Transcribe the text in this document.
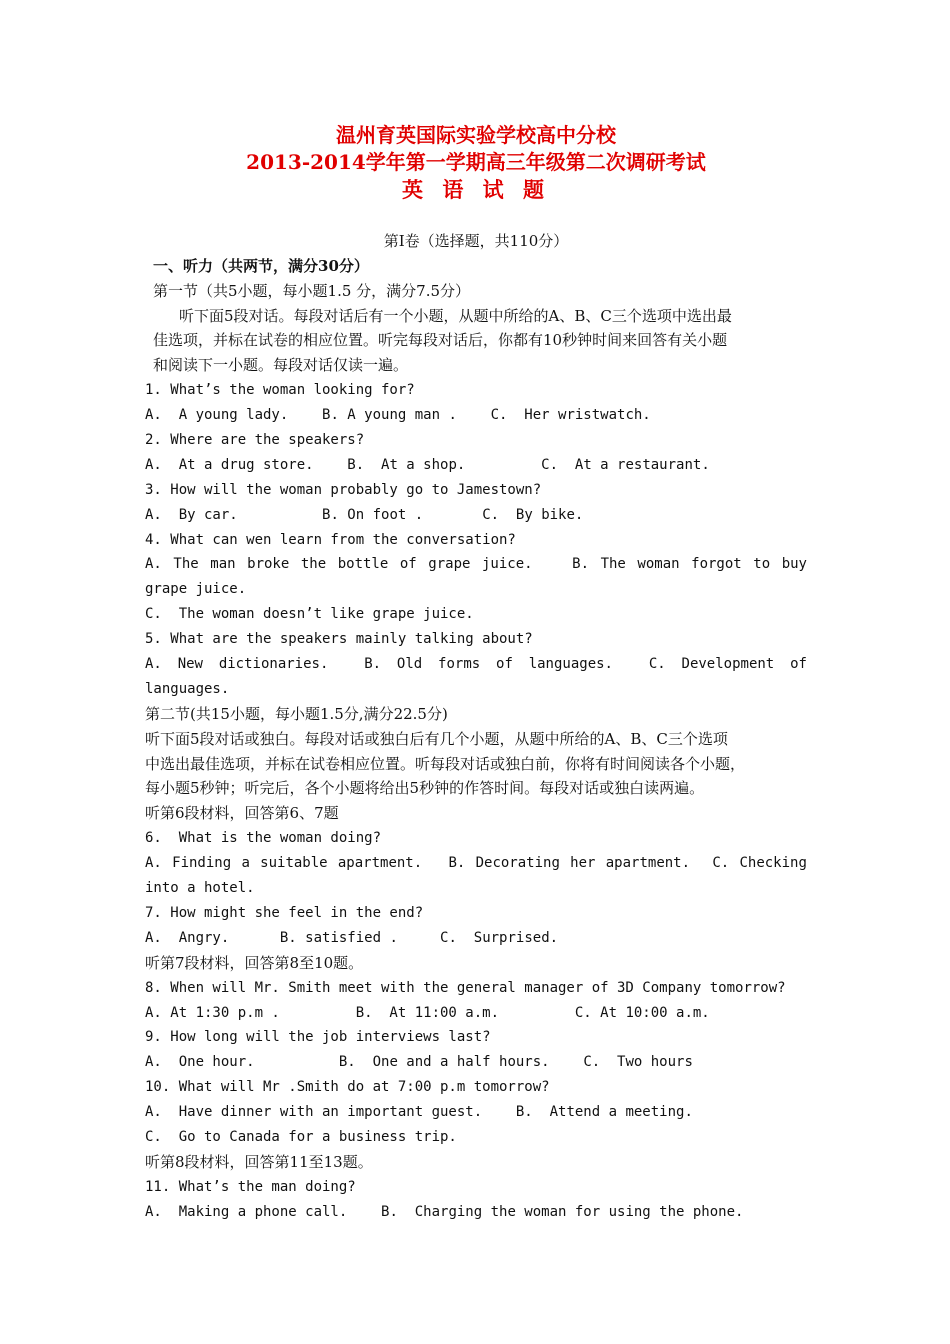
温州育英国际实验学校高中分校
2013-2014学年第一学期高三年级第二次调研考试
英 语 试 题

第Ⅰ卷（选择题，共110分）
一、听力（共两节，满分30分）
第一节（共5小题，每小题1.5 分，满分7.5分）
听下面5段对话。每段对话后有一个小题，从题中所给的A、B、C三个选项中选出最
佳选项，并标在试卷的相应位置。听完每段对话后，你都有10秒钟时间来回答有关小题
和阅读下一小题。每段对话仅读一遍。
1. What’s the woman looking for?
A.  A young lady. B. A young man . C.  Her wristwatch.
2. Where are the speakers?
A.  At a drug store. B.  At a shop.	C.  At a restaurant.
3. How will the woman probably go to Jamestown?
A.  By car.	B. On foot .	C.  By bike.
4. What can wen learn from the conversation?
A. The man broke the bottle of grape juice.	B. The woman forgot to buy
grape juice.
C.  The woman doesn’t like grape juice.
5. What are the speakers mainly talking about?
A. New dictionaries.	B. Old forms of languages.	C. Development of
languages.
第二节(共15小题，每小题1.5分,满分22.5分)
听下面5段对话或独白。每段对话或独白后有几个小题，从题中所给的A、B、C三个选项
中选出最佳选项，并标在试卷相应位置。听每段对话或独白前，你将有时间阅读各个小题，
每小题5秒钟；听完后，各个小题将给出5秒钟的作答时间。每段对话或独白读两遍。
听第6段材料，回答第6、7题
6.  What is the woman doing?
A. Finding a suitable apartment. B. Decorating her apartment. C. Checking
into a hotel.
7. How might she feel in the end?
A.  Angry.	B. satisfied .	C.  Surprised.
听第7段材料，回答第8至10题。
8. When will Mr. Smith meet with the general manager of 3D Company tomorrow?
A. At 1:30 p.m .	B.  At 11:00 a.m.	C. At 10:00 a.m.
9. How long will the job interviews last?
A.  One hour.	B.  One and a half hours. C.  Two hours
10. What will Mr .Smith do at 7:00 p.m tomorrow?
A.  Have dinner with an important guest. B.  Attend a meeting.
C.  Go to Canada for a business trip.
听第8段材料，回答第11至13题。
11. What’s the man doing?
A.  Making a phone call. B.  Charging the woman for using the phone.
